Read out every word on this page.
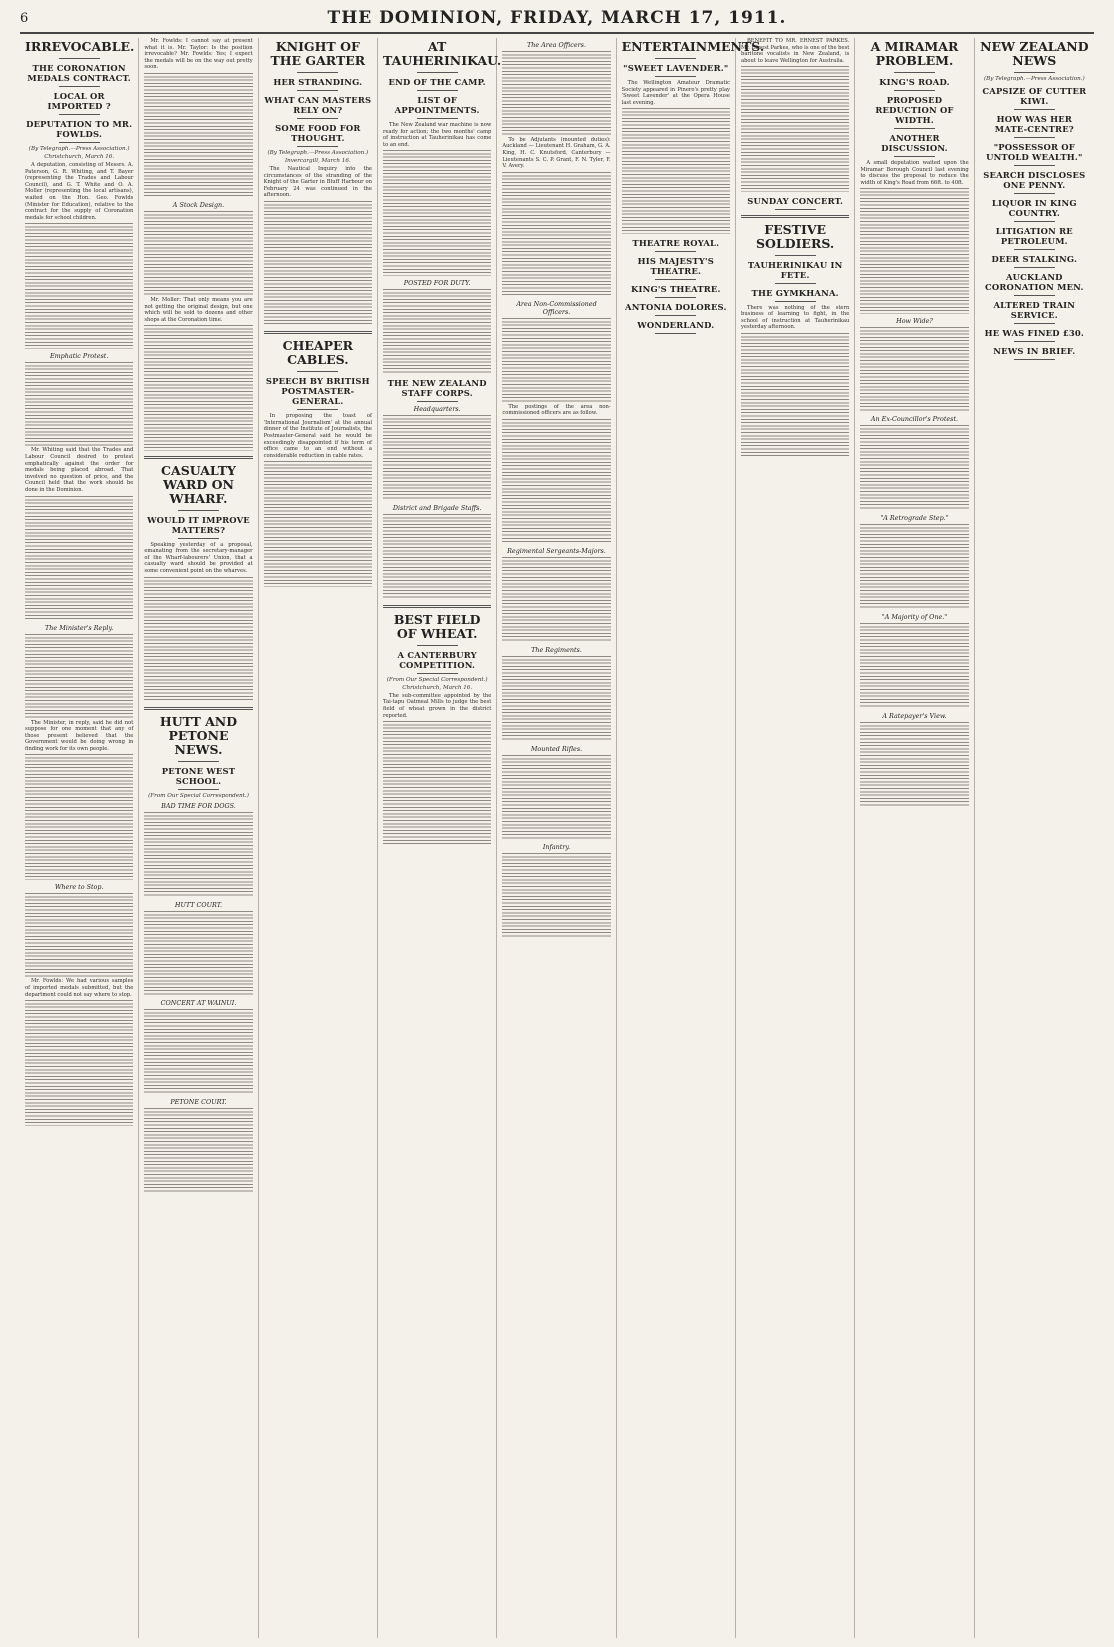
6	THE DOMINION, FRIDAY, MARCH 17, 1911.
IRREVOCABLE.
THE CORONATION MEDALS CONTRACT.
LOCAL OR IMPORTED ?
DEPUTATION TO MR. FOWLDS.
(By Telegraph.—Press Association.)
Christchurch, March 16.
A deputation, consisting of Messrs. A. Paterson, G. R. Whiting, and T. Bayer (representing the Trades and Labour Council), and G. T. White and O. A. Moller (representing the local artisans), waited on the Hon. Geo. Fowlds (Minister for Education), relative to the contract for the supply of Coronation medals for school children.
Emphatic Protest.
Mr. Whiting said that the Trades and Labour Council desired to protest emphatically against the order for medals being placed abroad. That involved no question of price, and the Council held that the work should be done in the Dominion.
The Minister's Reply.
The Minister, in reply, said he did not suppose for one moment that any of those present believed that the Government would be doing wrong in finding work for its own people.
Where to Stop.
Mr. Fowlds: We had various samples of imported medals submitted, but the department could not say where to stop.
Mr. Fowlds: I cannot say at present what it is. Mr. Taylor: Is the position irrevocable? Mr. Fowlds: Yes; I expect the medals will be on the way out pretty soon.
A Stock Design.
Mr. Moller: That only means you are not getting the original design, but one which will be sold to dozens and other shops at the Coronation time.
CASUALTY WARD ON WHARF.
WOULD IT IMPROVE MATTERS?
Speaking yesterday of a proposal, emanating from the secretary-manager of the Wharf-labourers' Union, that a casualty ward should be provided at some convenient point on the wharves.
HUTT AND PETONE NEWS.
PETONE WEST SCHOOL.
(From Our Special Correspondent.)
BAD TIME FOR DOGS.
HUTT COURT.
CONCERT AT WAINUI.
PETONE COURT.
KNIGHT OF THE GARTER
HER STRANDING.
WHAT CAN MASTERS RELY ON?
SOME FOOD FOR THOUGHT.
(By Telegraph.—Press Association.)
Invercargill, March 16.
The Nautical Inquiry into the circumstances of the stranding of the Knight of the Garter in Bluff Harbour on February 24 was continued in the afternoon.
CHEAPER CABLES.
SPEECH BY BRITISH POSTMASTER-GENERAL.
In proposing the toast of 'International Journalism' at the annual dinner of the Institute of Journalists, the Postmaster-General said he would be exceedingly disappointed if his term of office came to an end without a considerable reduction in cable rates.
AT TAUHERINIKAU.
END OF THE CAMP.
LIST OF APPOINTMENTS.
The New Zealand war machine is now ready for action; the two months' camp of instruction at Tauherinikau has come to an end.
POSTED FOR DUTY.
THE NEW ZEALAND STAFF CORPS.
Headquarters.
District and Brigade Staffs.
BEST FIELD OF WHEAT.
A CANTERBURY COMPETITION.
(From Our Special Correspondent.)
Christchurch, March 16.
The sub-committee appointed by the Tai-tapu Oatmeal Mills to judge the best field of wheat grown in the district reported.
The Area Officers.
To be Adjutants (mounted duties): Auckland — Lieutenant H. Graham, G. A. King, H. C. Knutsford, Canterbury — Lieutenants S. C. P. Grant, F. N. Tyler, F. V. Avery.
Area Non-Commissioned Officers.
The postings of the area non-commissioned officers are as follow.
Regimental Sergeants-Majors.
The Regiments.
Mounted Rifles.
Infantry.
ENTERTAINMENTS.
"SWEET LAVENDER."
The Wellington Amateur Dramatic Society appeared in Pinero's pretty play 'Sweet Lavender' at the Opera House last evening.
THEATRE ROYAL.
HIS MAJESTY'S THEATRE.
KING'S THEATRE.
ANTONIA DOLORES.
WONDERLAND.
BENEFIT TO MR. ERNEST PARKES. Mr. Ernest Parkes, who is one of the best baritone vocalists in New Zealand, is about to leave Wellington for Australia.
SUNDAY CONCERT.
FESTIVE SOLDIERS.
TAUHERINIKAU IN FETE.
THE GYMKHANA.
There was nothing of the stern business of learning to fight, in the school of instruction at Tauherinikau yesterday afternoon.
A MIRAMAR PROBLEM.
KING'S ROAD.
PROPOSED REDUCTION OF WIDTH.
ANOTHER DISCUSSION.
A small deputation waited upon the Miramar Borough Council last evening to discuss the proposal to reduce the width of King's Road from 66ft. to 40ft.
How Wide?
An Ex-Councillor's Protest.
"A Retrograde Step."
"A Majority of One."
A Ratepayer's View.
NEW ZEALAND NEWS
(By Telegraph.—Press Association.)
CAPSIZE OF CUTTER KIWI.
HOW WAS HER MATE-CENTRE?
"POSSESSOR OF UNTOLD WEALTH."
SEARCH DISCLOSES ONE PENNY.
LIQUOR IN KING COUNTRY.
LITIGATION RE PETROLEUM.
DEER STALKING.
AUCKLAND CORONATION MEN.
ALTERED TRAIN SERVICE.
HE WAS FINED £30.
NEWS IN BRIEF.
